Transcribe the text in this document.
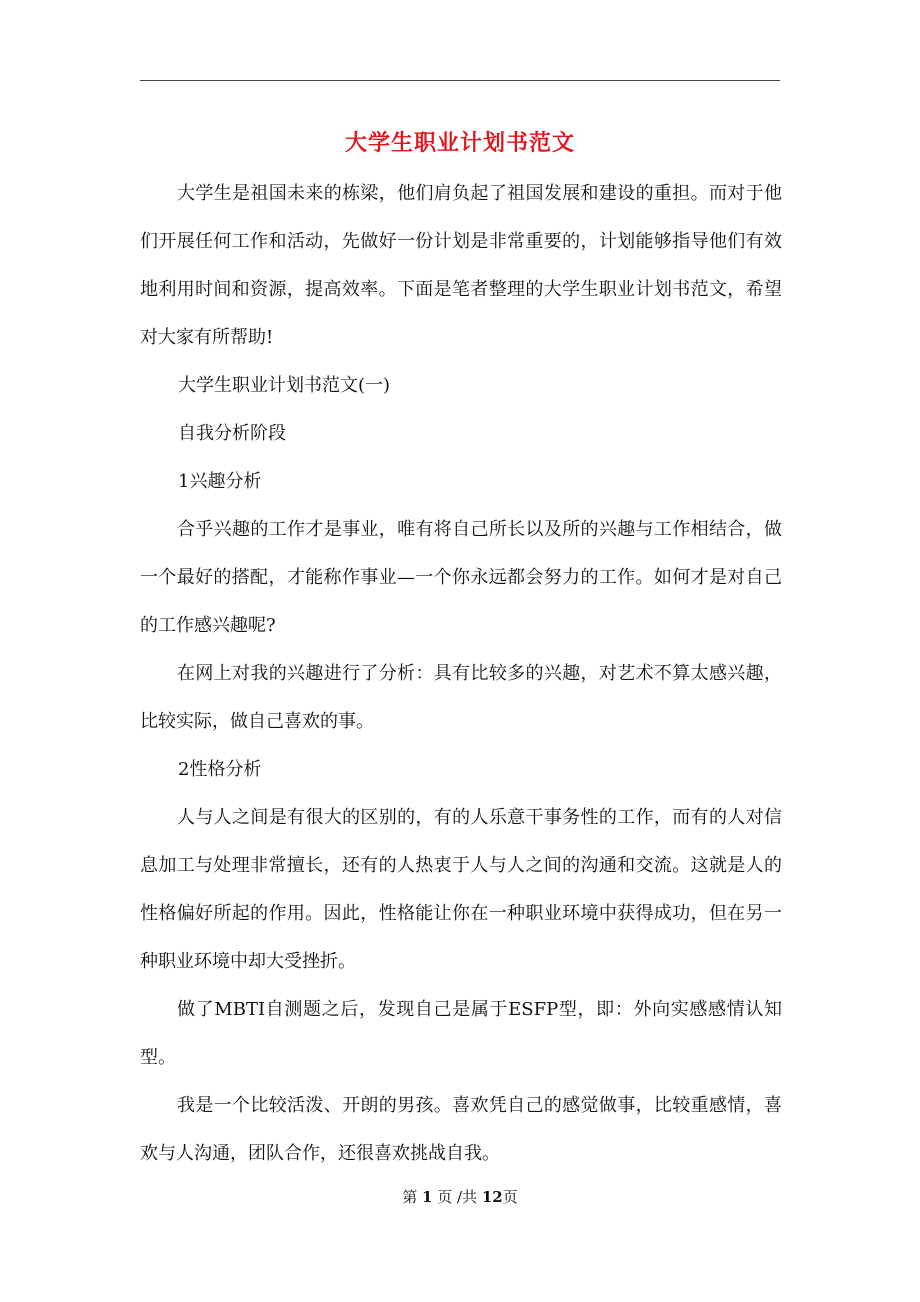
大学生职业计划书范文

大学生是祖国未来的栋梁，他们肩负起了祖国发展和建设的重担。而对于他们开展任何工作和活动，先做好一份计划是非常重要的，计划能够指导他们有效地利用时间和资源，提高效率。下面是笔者整理的大学生职业计划书范文，希望对大家有所帮助!

大学生职业计划书范文(一)

自我分析阶段

1兴趣分析

合乎兴趣的工作才是事业，唯有将自己所长以及所的兴趣与工作相结合，做一个最好的搭配，才能称作事业—一个你永远都会努力的工作。如何才是对自己的工作感兴趣呢?

在网上对我的兴趣进行了分析：具有比较多的兴趣，对艺术不算太感兴趣，比较实际，做自己喜欢的事。

2性格分析

人与人之间是有很大的区别的，有的人乐意干事务性的工作，而有的人对信息加工与处理非常擅长，还有的人热衷于人与人之间的沟通和交流。这就是人的性格偏好所起的作用。因此，性格能让你在一种职业环境中获得成功，但在另一种职业环境中却大受挫折。

做了MBTI自测题之后，发现自己是属于ESFP型，即：外向实感感情认知型。

我是一个比较活泼、开朗的男孩。喜欢凭自己的感觉做事，比较重感情，喜欢与人沟通，团队合作，还很喜欢挑战自我。

第 1 页 /共 12页
